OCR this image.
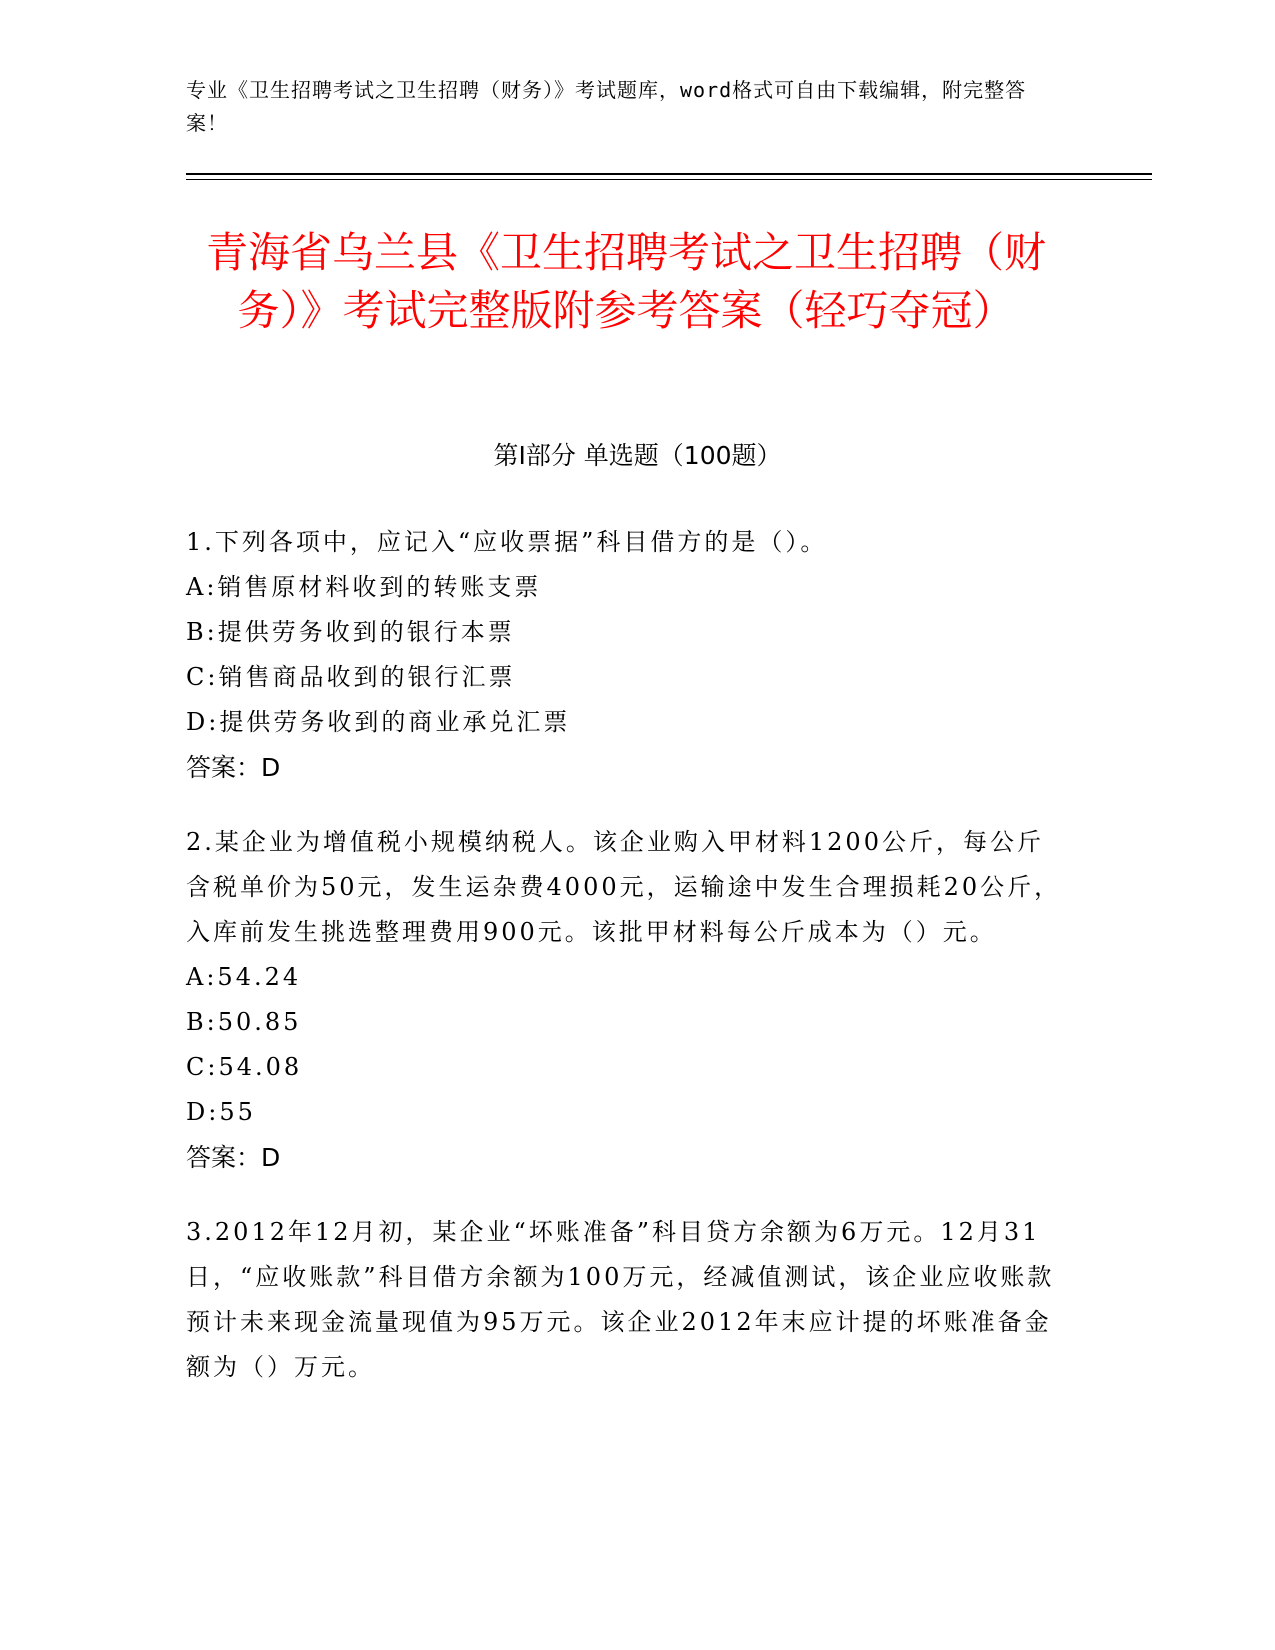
专业《卫生招聘考试之卫生招聘（财务）》考试题库，word格式可自由下载编辑，附完整答案！
青海省乌兰县《卫生招聘考试之卫生招聘（财务）》考试完整版附参考答案（轻巧夺冠）
第I部分 单选题（100题）

1.下列各项中，应记入“应收票据”科目借方的是（）。

A:销售原材料收到的转账支票

B:提供劳务收到的银行本票

C:销售商品收到的银行汇票

D:提供劳务收到的商业承兑汇票

答案：D

2.某企业为增值税小规模纳税人。该企业购入甲材料1200公斤，每公斤含税单价为50元，发生运杂费4000元，运输途中发生合理损耗20公斤，入库前发生挑选整理费用900元。该批甲材料每公斤成本为（）元。

A:54.24

B:50.85

C:54.08

D:55

答案：D

3.2012年12月初，某企业“坏账准备”科目贷方余额为6万元。12月31日，“应收账款”科目借方余额为100万元，经减值测试，该企业应收账款预计未来现金流量现值为95万元。该企业2012年末应计提的坏账准备金额为（）万元。
